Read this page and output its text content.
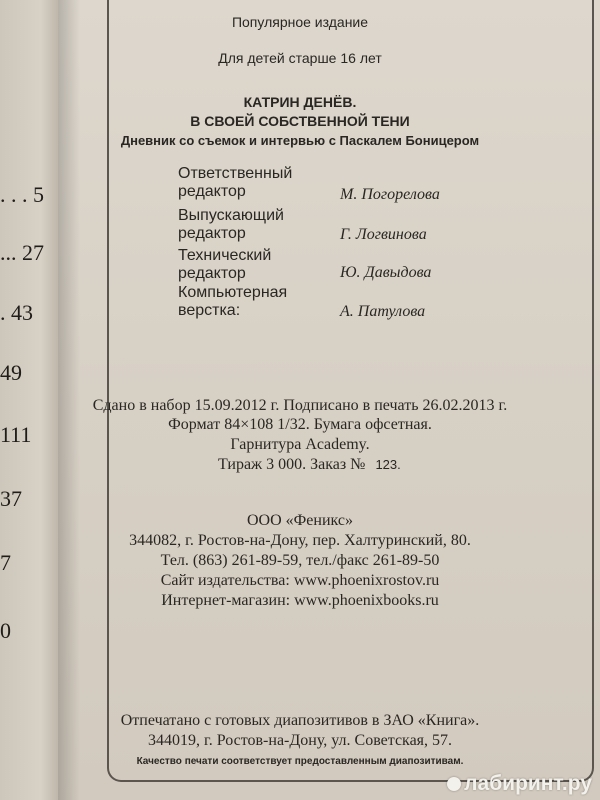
. . . 5
... 27
. 43
49
111
37
7
0
Популярное издание
Для детей старше 16 лет
КАТРИН ДЕНЁВ.
В СВОЕЙ СОБСТВЕННОЙ ТЕНИ
Дневник со съемок и интервью с Паскалем Боницером
Ответственный
редактор	М. Погорелова
Выпускающий
редактор	Г. Логвинова
Технический
редактор	Ю. Давыдова
Компьютерная
верстка:	А. Патулова
Сдано в набор 15.09.2012 г. Подписано в печать 26.02.2013 г.
Формат 84×108 1/32. Бумага офсетная.
Гарнитура Academy.
Тираж 3 000. Заказ № 123.
ООО «Феникс»
344082, г. Ростов-на-Дону, пер. Халтуринский, 80.
Тел. (863) 261-89-59, тел./факс 261-89-50
Сайт издательства: www.phoenixrostov.ru
Интернет-магазин: www.phoenixbooks.ru
Отпечатано с готовых диапозитивов в ЗАО «Книга».
344019, г. Ростов-на-Дону, ул. Советская, 57.
Качество печати соответствует предоставленным диапозитивам.
лабиринт.ру
